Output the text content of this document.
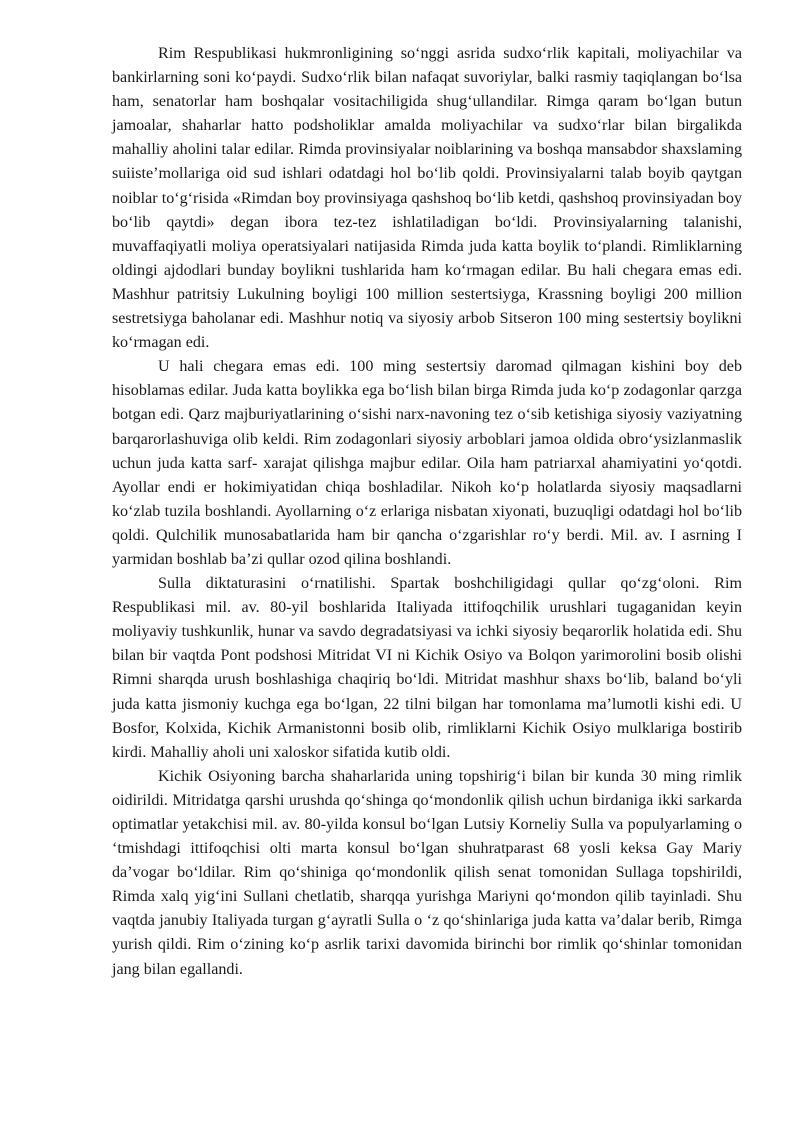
Rim Respublikasi hukmronligining so‘nggi asrida sudxo‘rlik kapitali, moliyachilar va bankirlarning soni ko‘paydi. Sudxo‘rlik bilan nafaqat suvoriylar, balki rasmiy taqiqlangan bo‘lsa ham, senatorlar ham boshqalar vositachiligida shug‘ullandilar. Rimga qaram bo‘lgan butun jamoalar, shaharlar hatto podsholiklar amalda moliyachilar va sudxo‘rlar bilan birgalikda mahalliy aholini talar edilar. Rimda provinsiyalar noiblarining va boshqa mansabdor shaxslaming suiiste’mollariga oid sud ishlari odatdagi hol bo‘lib qoldi. Provinsiyalarni talab boyib qaytgan noiblar to‘g‘risida «Rimdan boy provinsiyaga qashshoq bo‘lib ketdi, qashshoq provinsiyadan boy bo‘lib qaytdi» degan ibora tez-tez ishlatiladigan bo‘ldi. Provinsiyalarning talanishi, muvaffaqiyatli moliya operatsiyalari natijasida Rimda juda katta boylik to‘plandi. Rimliklarning oldingi ajdodlari bunday boylikni tushlarida ham ko‘rmagan edilar. Bu hali chegara emas edi. Mashhur patritsiy Lukulning boyligi 100 million sestertsiyga, Krassning boyligi 200 million sestretsiyga baholanar edi. Mashhur notiq va siyosiy arbob Sitseron 100 ming sestertsiy boylikni ko‘rmagan edi.

U hali chegara emas edi. 100 ming sestertsiy daromad qilmagan kishini boy deb hisoblamas edilar. Juda katta boylikka ega bo‘lish bilan birga Rimda juda ko‘p zodagonlar qarzga botgan edi. Qarz majburiyatlarining o‘sishi narx-navoning tez o‘sib ketishiga siyosiy vaziyatning barqarorlashuviga olib keldi. Rim zodagonlari siyosiy arboblari jamoa oldida obro‘ysizlanmaslik uchun juda katta sarf- xarajat qilishga majbur edilar. Oila ham patriarxal ahamiyatini yo‘qotdi. Ayollar endi er hokimiyatidan chiqa boshladilar. Nikoh ko‘p holatlarda siyosiy maqsadlarni ko‘zlab tuzila boshlandi. Ayollarning o‘z erlariga nisbatan xiyonati, buzuqligi odatdagi hol bo‘lib qoldi. Qulchilik munosabatlarida ham bir qancha o‘zgarishlar ro‘y berdi. Mil. av. I asrning I yarmidan boshlab ba’zi qullar ozod qilina boshlandi.

Sulla diktaturasini o‘rnatilishi. Spartak boshchiligidagi qullar qo‘zg‘oloni. Rim Respublikasi mil. av. 80-yil boshlarida Italiyada ittifoqchilik urushlari tugaganidan keyin moliyaviy tushkunlik, hunar va savdo degradatsiyasi va ichki siyosiy beqarorlik holatida edi. Shu bilan bir vaqtda Pont podshosi Mitridat VI ni Kichik Osiyo va Bolqon yarimorolini bosib olishi Rimni sharqda urush boshlashiga chaqiriq bo‘ldi. Mitridat mashhur shaxs bo‘lib, baland bo‘yli juda katta jismoniy kuchga ega bo‘lgan, 22 tilni bilgan har tomonlama ma’lumotli kishi edi. U Bosfor, Kolxida, Kichik Armanistonni bosib olib, rimliklarni Kichik Osiyo mulklariga bostirib kirdi. Mahalliy aholi uni xaloskor sifatida kutib oldi.

Kichik Osiyoning barcha shaharlarida uning topshirig‘i bilan bir kunda 30 ming rimlik oidirildi. Mitridatga qarshi urushda qo‘shinga qo‘mondonlik qilish uchun birdaniga ikki sarkarda optimatlar yetakchisi mil. av. 80-yilda konsul bo‘lgan Lutsiy Korneliy Sulla va populyarlaming o ‘tmishdagi ittifoqchisi olti marta konsul bo‘lgan shuhratparast 68 yosli keksa Gay Mariy da’vogar bo‘ldilar. Rim qo‘shiniga qo‘mondonlik qilish senat tomonidan Sullaga topshirildi, Rimda xalq yig‘ini Sullani chetlatib, sharqqa yurishga Mariyni qo‘mondon qilib tayinladi. Shu vaqtda janubiy Italiyada turgan g‘ayratli Sulla o ‘z qo‘shinlariga juda katta va’dalar berib, Rimga yurish qildi. Rim o‘zining ko‘p asrlik tarixi davomida birinchi bor rimlik qo‘shinlar tomonidan jang bilan egallandi.
